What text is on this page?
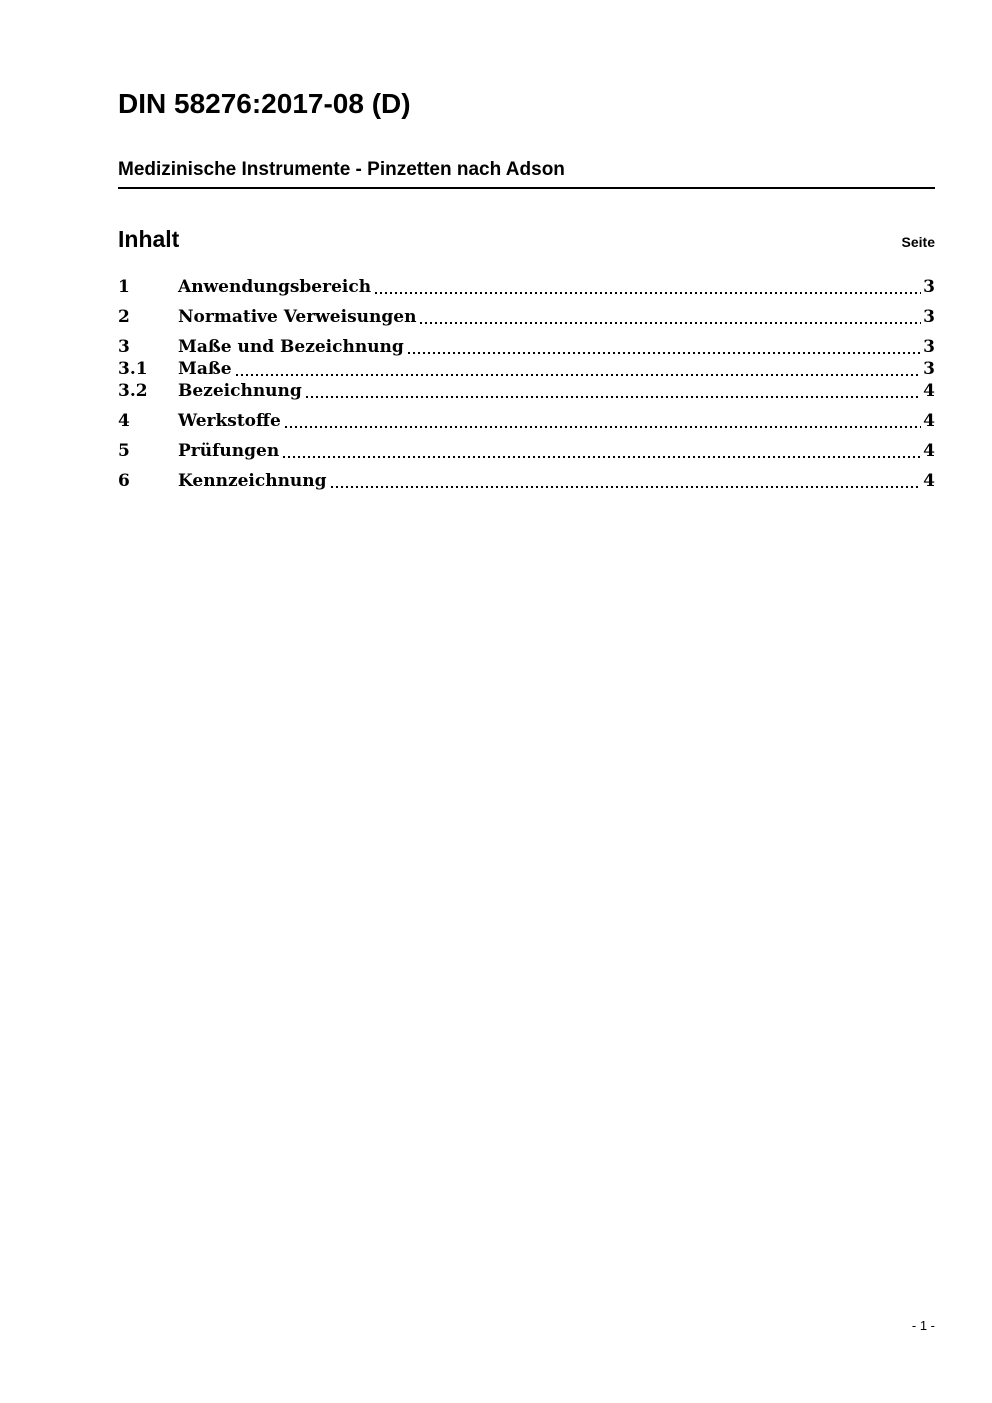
DIN 58276:2017-08 (D)
Medizinische Instrumente - Pinzetten nach Adson
Inhalt	Seite
1	Anwendungsbereich	3
2	Normative Verweisungen	3
3	Maße und Bezeichnung	3
3.1	Maße	3
3.2	Bezeichnung	4
4	Werkstoffe	4
5	Prüfungen	4
6	Kennzeichnung	4
- 1 -
